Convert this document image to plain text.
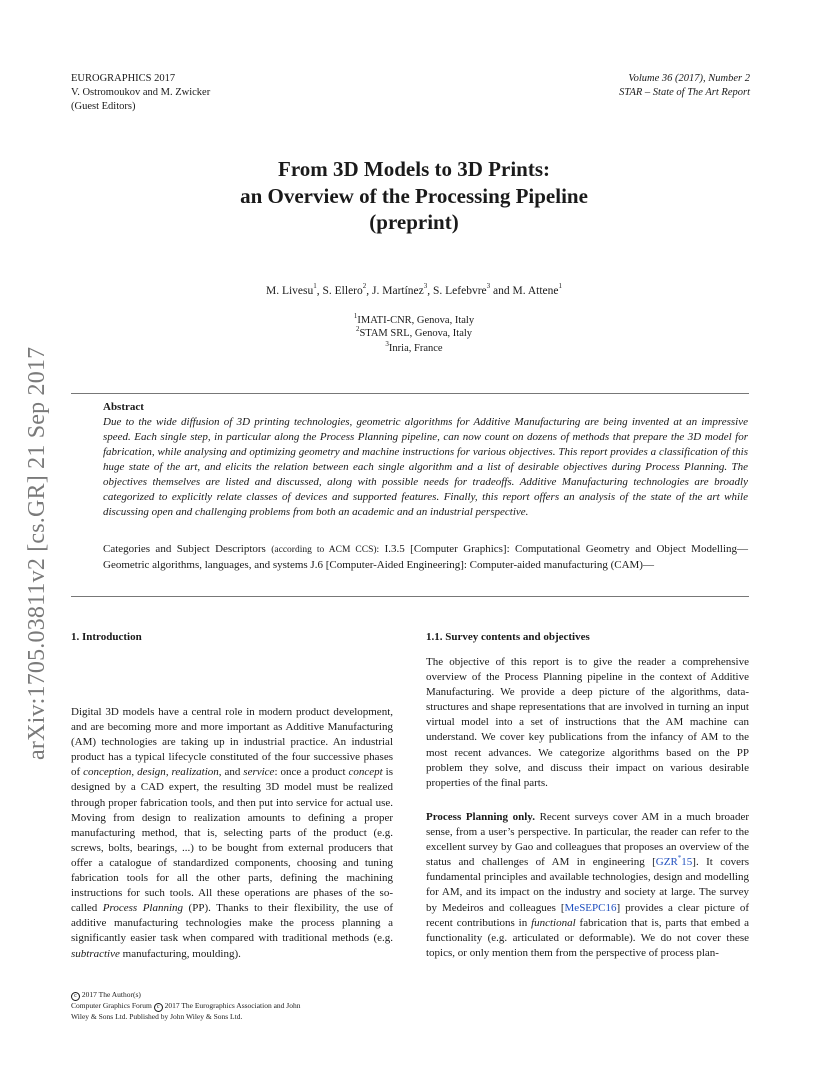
EUROGRAPHICS 2017
V. Ostromoukov and M. Zwicker
(Guest Editors)
Volume 36 (2017), Number 2
STAR – State of The Art Report
arXiv:1705.03811v2 [cs.GR] 21 Sep 2017
From 3D Models to 3D Prints:
an Overview of the Processing Pipeline
(preprint)
M. Livesu$^1$, S. Ellero$^2$, J. Martínez$^3$, S. Lefebvre$^3$ and M. Attene$^1$
$^1$IMATI-CNR, Genova, Italy
$^2$STAM SRL, Genova, Italy
$^3$Inria, France
Abstract
Due to the wide diffusion of 3D printing technologies, geometric algorithms for Additive Manufacturing are being invented at an impressive speed. Each single step, in particular along the Process Planning pipeline, can now count on dozens of methods that prepare the 3D model for fabrication, while analysing and optimizing geometry and machine instructions for various objectives. This report provides a classification of this huge state of the art, and elicits the relation between each single algorithm and a list of desirable objectives during Process Planning. The objectives themselves are listed and discussed, along with possible needs for tradeoffs. Additive Manufacturing technologies are broadly categorized to explicitly relate classes of devices and supported features. Finally, this report offers an analysis of the state of the art while discussing open and challenging problems from both an academic and an industrial perspective.
Categories and Subject Descriptors (according to ACM CCS): I.3.5 [Computer Graphics]: Computational Geometry and Object Modelling—Geometric algorithms, languages, and systems J.6 [Computer-Aided Engineering]: Computer-aided manufacturing (CAM)—
1. Introduction
Digital 3D models have a central role in modern product development, and are becoming more and more important as Additive Manufacturing (AM) technologies are taking up in industrial practice. An industrial product has a typical lifecycle constituted of the four successive phases of conception, design, realization, and service: once a product concept is designed by a CAD expert, the resulting 3D model must be realized through proper fabrication tools, and then put into service for actual use. Moving from design to realization amounts to defining a proper manufacturing method, that is, selecting parts of the product (e.g. screws, bolts, bearings, ...) to be bought from external producers that offer a catalogue of standardized components, choosing and tuning fabrication tools for all the other parts, defining the machining instructions for such tools. All these operations are phases of the so-called Process Planning (PP). Thanks to their flexibility, the use of additive manufacturing technologies make the process planning a significantly easier task when compared with traditional methods (e.g. subtractive manufacturing, moulding).
1.1. Survey contents and objectives
The objective of this report is to give the reader a comprehensive overview of the Process Planning pipeline in the context of Additive Manufacturing. We provide a deep picture of the algorithms, data-structures and shape representations that are involved in turning an input virtual model into a set of instructions that the AM machine can understand. We cover key publications from the infancy of AM to the most recent advances. We categorize algorithms based on the PP problem they solve, and discuss their impact on various desirable properties of the final parts.
Process Planning only. Recent surveys cover AM in a much broader sense, from a user’s perspective. In particular, the reader can refer to the excellent survey by Gao and colleagues that proposes an overview of the status and challenges of AM in engineering [GZR*15]. It covers fundamental principles and available technologies, design and modelling for AM, and its impact on the industry and society at large. The survey by Medeiros and colleagues [MeSEPC16] provides a clear picture of recent contributions in functional fabrication that is, parts that embed a functionality (e.g. articulated or deformable). We do not cover these topics, or only mention them from the perspective of process plan-
c 2017 The Author(s)
Computer Graphics Forum c 2017 The Eurographics Association and John
Wiley & Sons Ltd. Published by John Wiley & Sons Ltd.
